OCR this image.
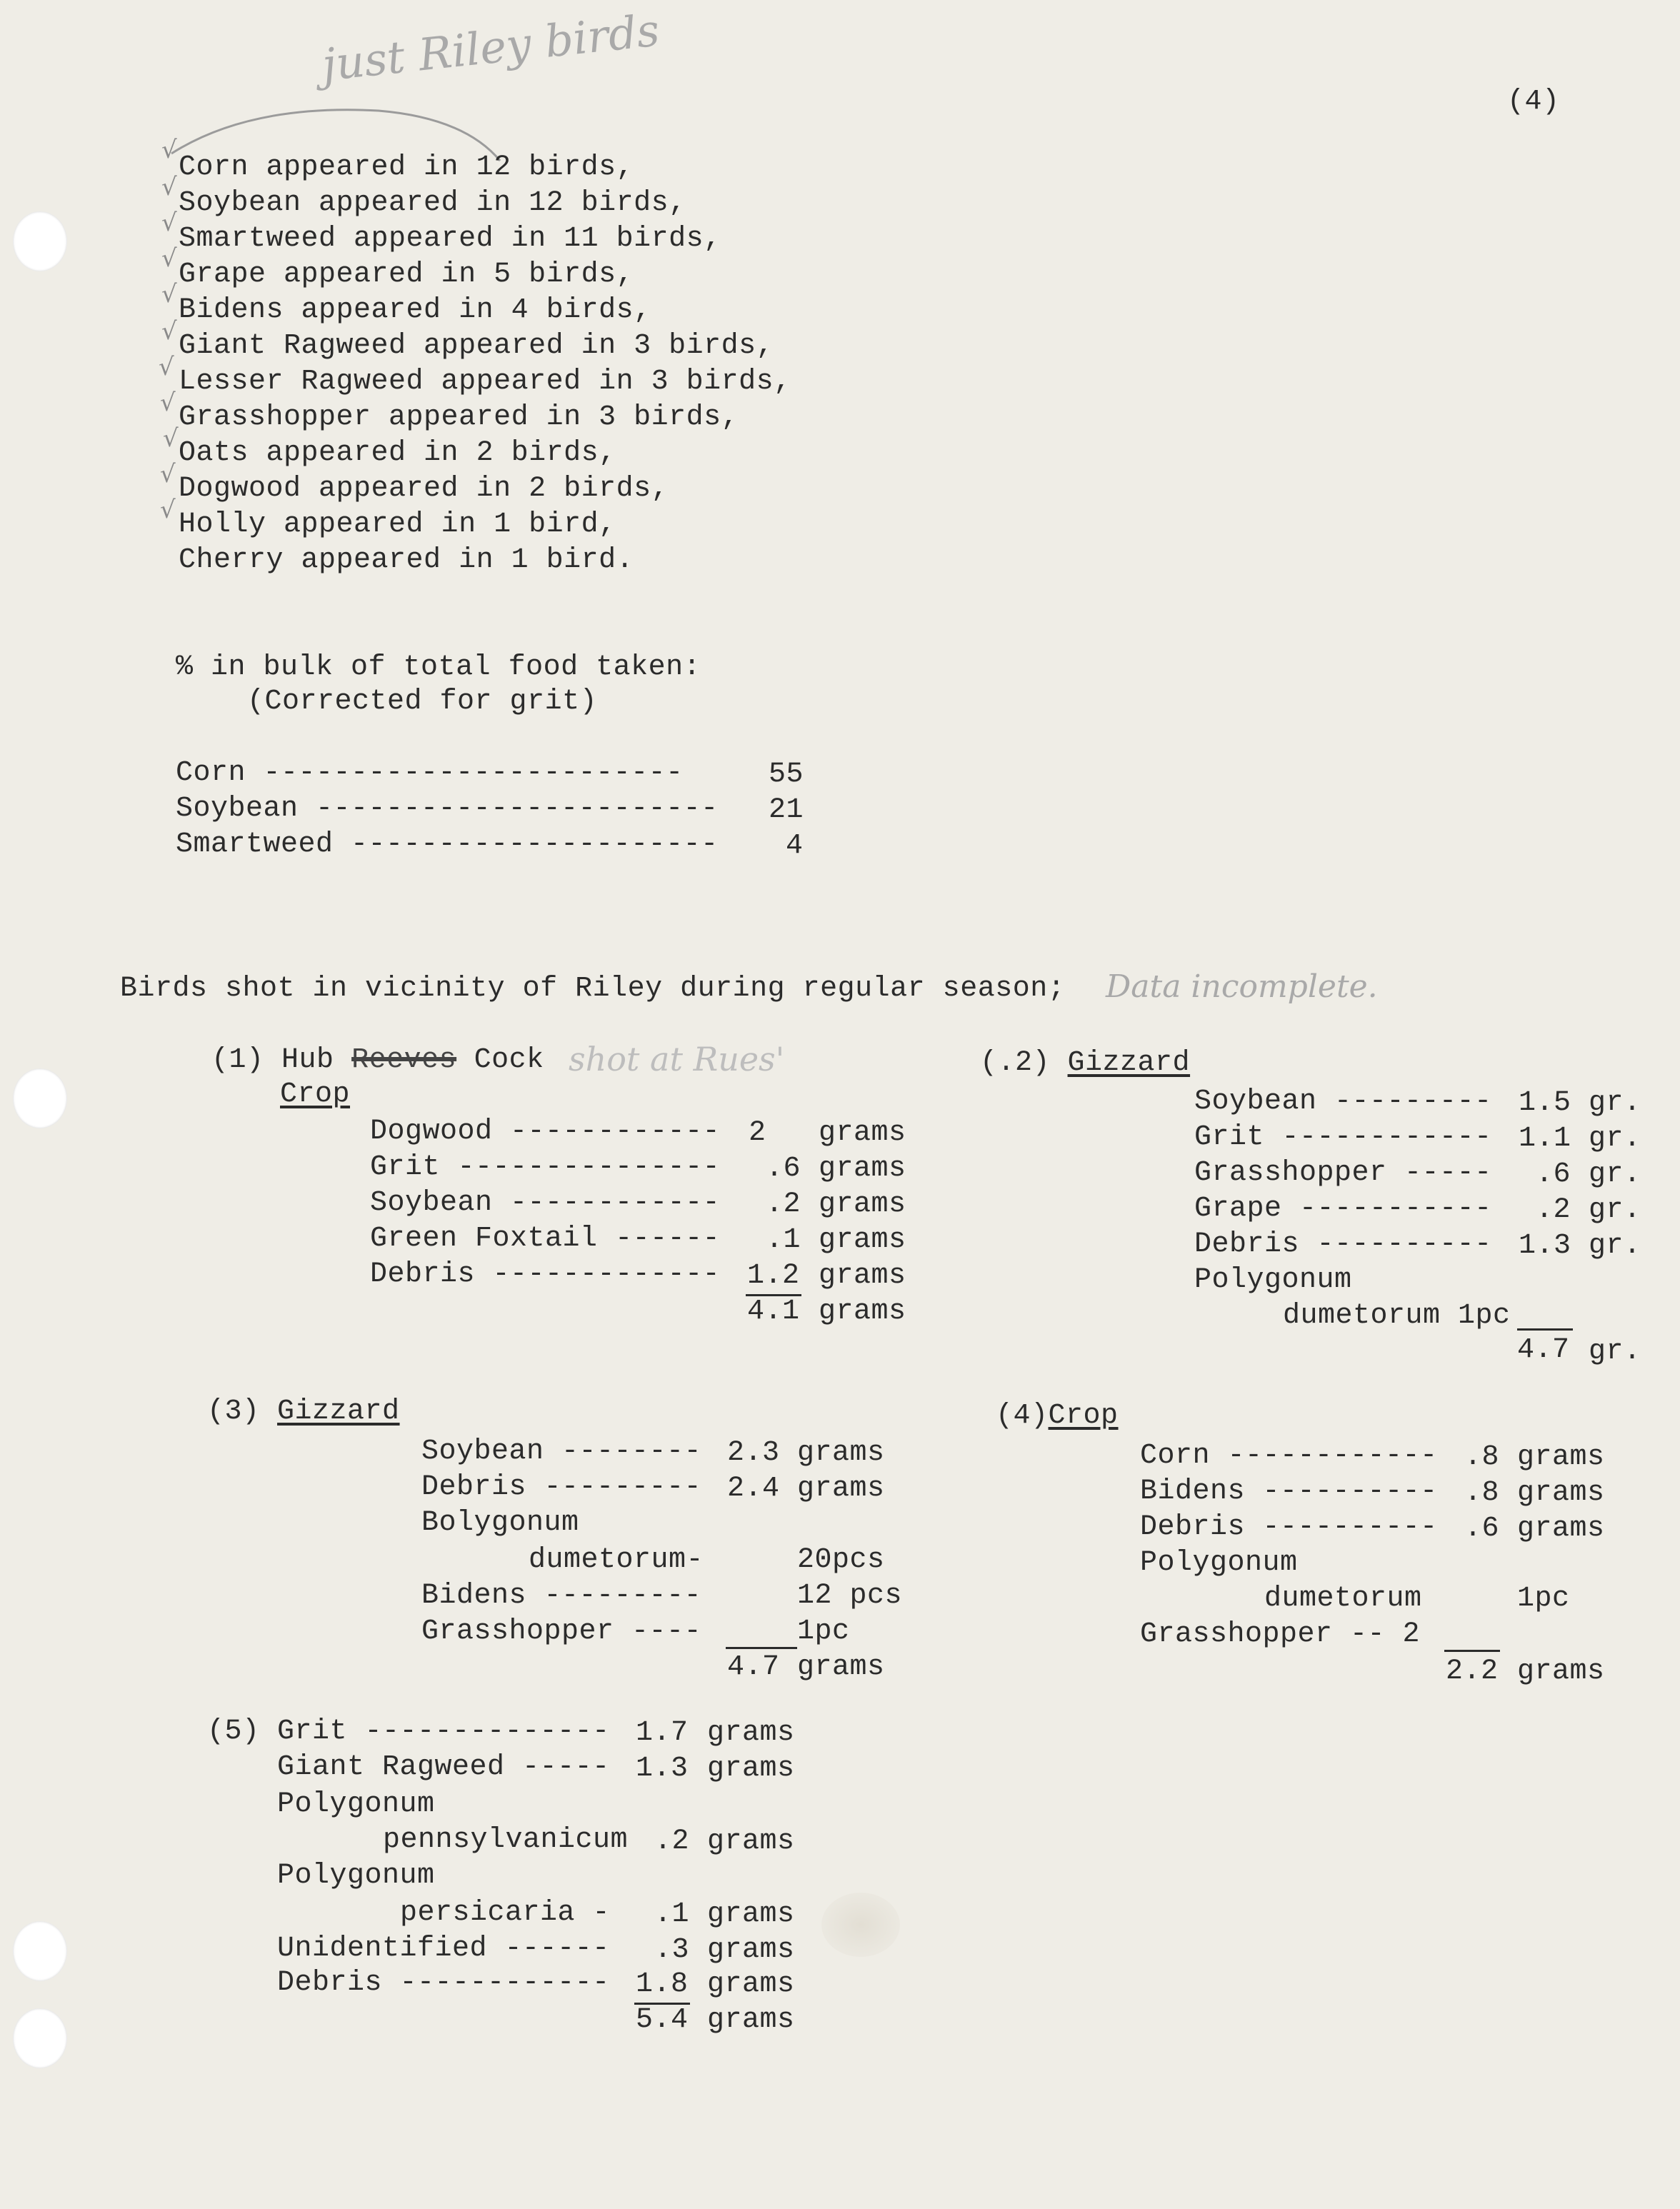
(4)
just Riley birds
√
√
√
√
√
√
√
√
√
√
√
Corn appeared in 12 birds,
Soybean appeared in 12 birds,
Smartweed appeared in 11 birds,
Grape appeared in 5 birds,
Bidens appeared in 4 birds,
Giant Ragweed appeared in 3 birds,
Lesser Ragweed appeared in 3 birds,
Grasshopper appeared in 3 birds,
Oats appeared in 2 birds,
Dogwood appeared in 2 birds,
Holly appeared in 1 bird,
Cherry appeared in 1 bird.
% in bulk of total food taken:
(Corrected for grit)
Corn ------------------------	55
Soybean ----------------------- 21
Smartweed --------------------- 4
Birds shot in vicinity of Riley during regular season; Data incomplete.
(1) Hub Reeves Cock shot at Rues'
Crop
Dogwood ------------ 2 grams
Grit --------------- .6 grams
Soybean ------------ .2 grams
Green Foxtail ------ .1 grams
Debris ------------- 1.2 grams
4.1 grams
(.2) Gizzard
Soybean --------- 1.5 gr.
Grit ------------ 1.1 gr.
Grasshopper ----- .6 gr.
Grape ----------- .2 gr.
Debris ---------- 1.3 gr.
Polygonum
dumetorum 1pc
4.7 gr.
(3) Gizzard
Soybean -------- 2.3 grams
Debris --------- 2.4 grams
Bolygonum
dumetorum-	20pcs
Bidens ---------	12 pcs
Grasshopper ----	1pc
4.7 grams
(4)Crop
Corn ------------ .8 grams
Bidens ---------- .8 grams
Debris ---------- .6 grams
Polygonum
dumetorum	1pc
Grasshopper -- 2
2.2 grams
(5) Grit -------------- 1.7 grams
Giant Ragweed ----- 1.3 grams
Polygonum
pennsylvanicum .2 grams
Polygonum
persicaria - .1 grams
Unidentified ------ .3 grams
Debris ------------ 1.8 grams
5.4 grams
